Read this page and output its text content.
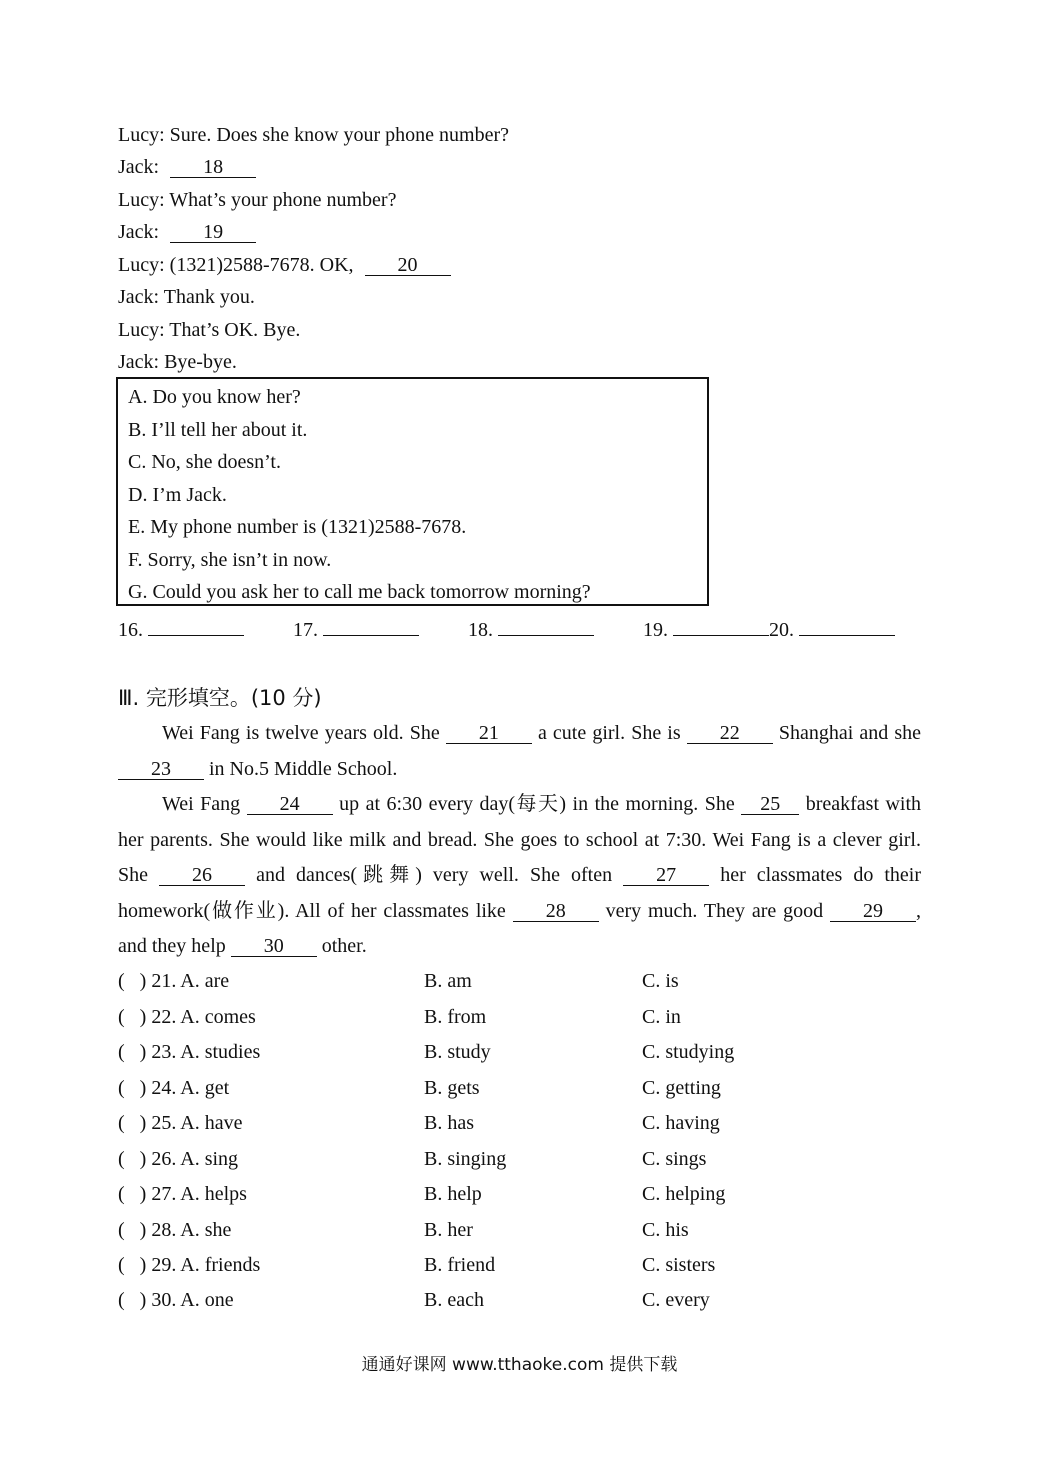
Lucy: Sure. Does she know your phone number?
Jack: 18
Lucy: What’s your phone number?
Jack: 19
Lucy: (1321)2588-7678. OK, 20
Jack: Thank you.
Lucy: That’s OK. Bye.
Jack: Bye-bye.
A. Do you know her?
B. I’ll tell her about it.
C. No, she doesn’t.
D. I’m Jack.
E. My phone number is (1321)2588-7678.
F. Sorry, she isn’t in now.
G. Could you ask her to call me back tomorrow morning?
16.	17.	18.	19.	20.
Ⅲ. 完形填空。(10 分)
Wei Fang is twelve years old. She 21 a cute girl. She is 22 Shanghai and she23 in No.5 Middle School.
Wei Fang 24 up at 6:30 every day(每天) in the morning. She 25 breakfast with her parents. She would like milk and bread. She goes to school at 7:30. Wei Fang is a clever girl. She 26 and dances(跳舞) very well. She often 27 her classmates do their homework(做作业). All of her classmates like 28 very much. They are good 29 , and they help 30 other.
( ) 21. A. are	B. am	C. is
( ) 22. A. comes	B. from	C. in
( ) 23. A. studies	B. study	C. studying
( ) 24. A. get	B. gets	C. getting
( ) 25. A. have	B. has	C. having
( ) 26. A. sing	B. singing	C. sings
( ) 27. A. helps	B. help	C. helping
( ) 28. A. she	B. her	C. his
( ) 29. A. friends	B. friend	C. sisters
( ) 30. A. one	B. each	C. every
通通好课网 www.tthaoke.com 提供下载
